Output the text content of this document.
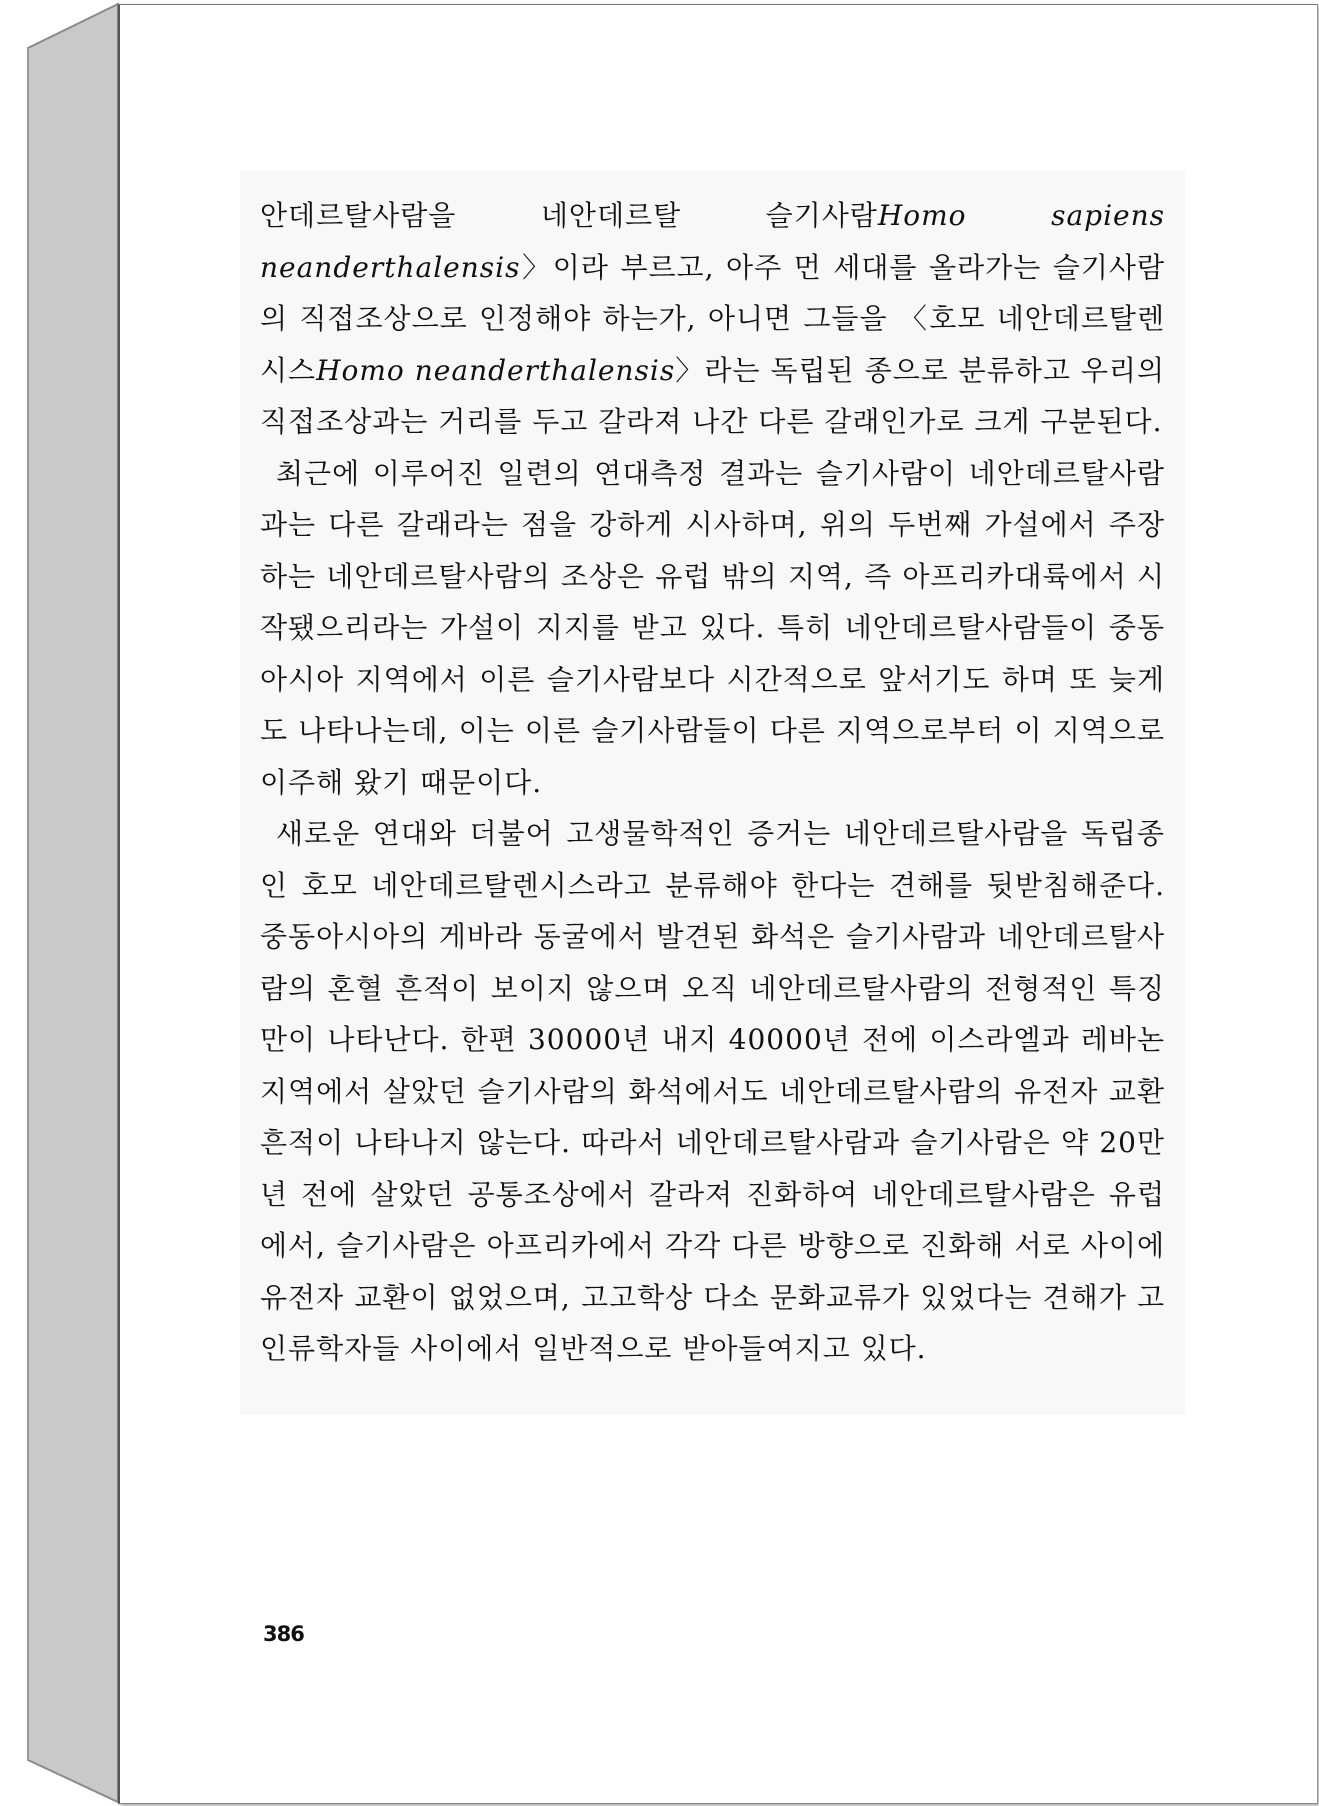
안데르탈사람을 네안데르탈 슬기사람Homo sapiens neanderthalensis〉이라 부르고, 아주 먼 세대를 올라가는 슬기사람의 직접조상으로 인정해야 하는가, 아니면 그들을 〈호모 네안데르탈렌시스Homo neanderthalensis〉라는 독립된 종으로 분류하고 우리의 직접조상과는 거리를 두고 갈라져 나간 다른 갈래인가로 크게 구분된다.

최근에 이루어진 일련의 연대측정 결과는 슬기사람이 네안데르탈사람과는 다른 갈래라는 점을 강하게 시사하며, 위의 두번째 가설에서 주장하는 네안데르탈사람의 조상은 유럽 밖의 지역, 즉 아프리카대륙에서 시작됐으리라는 가설이 지지를 받고 있다. 특히 네안데르탈사람들이 중동아시아 지역에서 이른 슬기사람보다 시간적으로 앞서기도 하며 또 늦게도 나타나는데, 이는 이른 슬기사람들이 다른 지역으로부터 이 지역으로 이주해 왔기 때문이다.

새로운 연대와 더불어 고생물학적인 증거는 네안데르탈사람을 독립종인 호모 네안데르탈렌시스라고 분류해야 한다는 견해를 뒷받침해준다. 중동아시아의 게바라 동굴에서 발견된 화석은 슬기사람과 네안데르탈사람의 혼혈 흔적이 보이지 않으며 오직 네안데르탈사람의 전형적인 특징만이 나타난다. 한편 30000년 내지 40000년 전에 이스라엘과 레바논 지역에서 살았던 슬기사람의 화석에서도 네안데르탈사람의 유전자 교환 흔적이 나타나지 않는다. 따라서 네안데르탈사람과 슬기사람은 약 20만 년 전에 살았던 공통조상에서 갈라져 진화하여 네안데르탈사람은 유럽에서, 슬기사람은 아프리카에서 각각 다른 방향으로 진화해 서로 사이에 유전자 교환이 없었으며, 고고학상 다소 문화교류가 있었다는 견해가 고인류학자들 사이에서 일반적으로 받아들여지고 있다.

386
